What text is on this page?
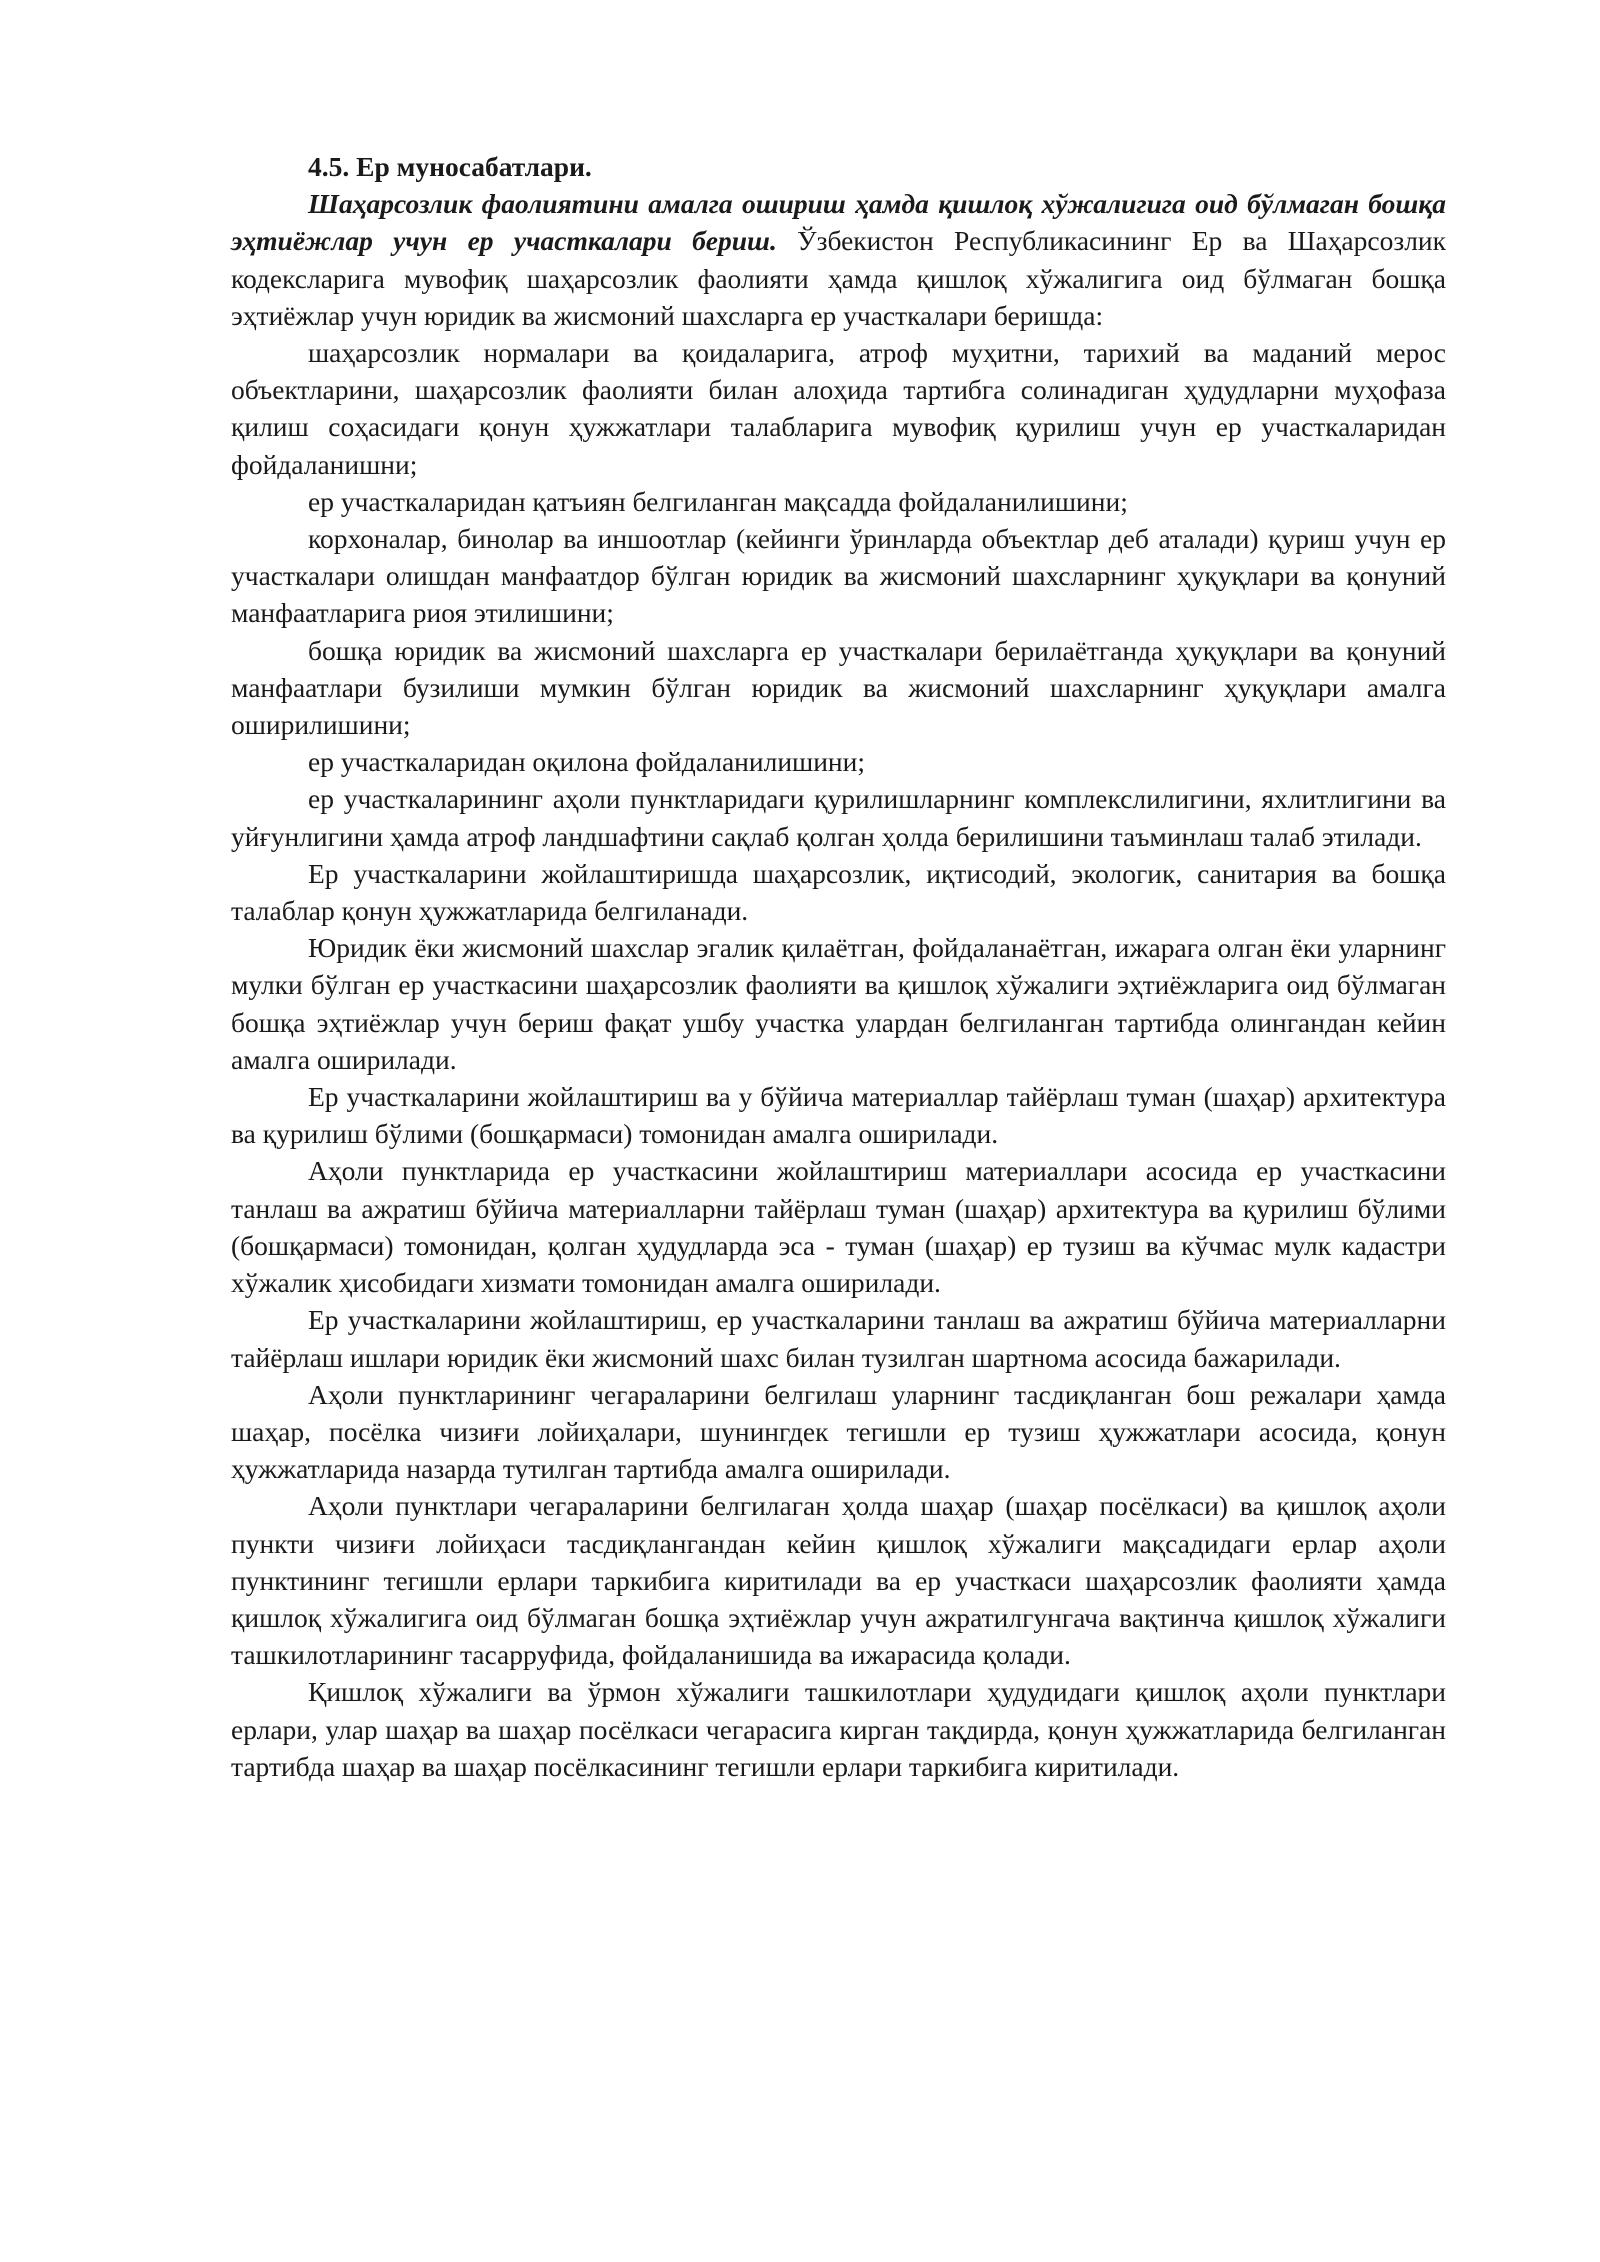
4.5. Ер муносабатлари.

Шаҳарсозлик фаолиятини амалга ошириш ҳамда қишлоқ хўжалигига оид бўлмаган бошқа эҳтиёжлар учун ер участкалари бериш. Ўзбекистон Республикасининг Ер ва Шаҳарсозлик кодексларига мувофиқ шаҳарсозлик фаолияти ҳамда қишлоқ хўжалигига оид бўлмаган бошқа эҳтиёжлар учун юридик ва жисмоний шахсларга ер участкалари беришда:

шаҳарсозлик нормалари ва қоидаларига, атроф муҳитни, тарихий ва маданий мерос объектларини, шаҳарсозлик фаолияти билан алоҳида тартибга солинадиган ҳудудларни муҳофаза қилиш соҳасидаги қонун ҳужжатлари талабларига мувофиқ қурилиш учун ер участкаларидан фойдаланишни;

ер участкаларидан қатъиян белгиланган мақсадда фойдаланилишини;

корхоналар, бинолар ва иншоотлар (кейинги ўринларда объектлар деб аталади) қуриш учун ер участкалари олишдан манфаатдор бўлган юридик ва жисмоний шахсларнинг ҳуқуқлари ва қонуний манфаатларига риоя этилишини;

бошқа юридик ва жисмоний шахсларга ер участкалари берилаётганда ҳуқуқлари ва қонуний манфаатлари бузилиши мумкин бўлган юридик ва жисмоний шахсларнинг ҳуқуқлари амалга оширилишини;

ер участкаларидан оқилона фойдаланилишини;

ер участкаларининг аҳоли пунктларидаги қурилишларнинг комплекслилигини, яхлитлигини ва уйғунлигини ҳамда атроф ландшафтини сақлаб қолган ҳолда берилишини таъминлаш талаб этилади.

Ер участкаларини жойлаштиришда шаҳарсозлик, иқтисодий, экологик, санитария ва бошқа талаблар қонун ҳужжатларида белгиланади.

Юридик ёки жисмоний шахслар эгалик қилаётган, фойдаланаётган, ижарага олган ёки уларнинг мулки бўлган ер участкасини шаҳарсозлик фаолияти ва қишлоқ хўжалиги эҳтиёжларига оид бўлмаган бошқа эҳтиёжлар учун бериш фақат ушбу участка улардан белгиланган тартибда олингандан кейин амалга оширилади.

Ер участкаларини жойлаштириш ва у бўйича материаллар тайёрлаш туман (шаҳар) архитектура ва қурилиш бўлими (бошқармаси) томонидан амалга оширилади.

Аҳоли пунктларида ер участкасини жойлаштириш материаллари асосида ер участкасини танлаш ва ажратиш бўйича материалларни тайёрлаш туман (шаҳар) архитектура ва қурилиш бўлими (бошқармаси) томонидан, қолган ҳудудларда эса - туман (шаҳар) ер тузиш ва кўчмас мулк кадастри хўжалик ҳисобидаги хизмати томонидан амалга оширилади.

Ер участкаларини жойлаштириш, ер участкаларини танлаш ва ажратиш бўйича материалларни тайёрлаш ишлари юридик ёки жисмоний шахс билан тузилган шартнома асосида бажарилади.

Аҳоли пунктларининг чегараларини белгилаш уларнинг тасдиқланган бош режалари ҳамда шаҳар, посёлка чизиғи лойиҳалари, шунингдек тегишли ер тузиш ҳужжатлари асосида, қонун ҳужжатларида назарда тутилган тартибда амалга оширилади.

Аҳоли пунктлари чегараларини белгилаган ҳолда шаҳар (шаҳар посёлкаси) ва қишлоқ аҳоли пункти чизиғи лойиҳаси тасдиқлангандан кейин қишлоқ хўжалиги мақсадидаги ерлар аҳоли пунктининг тегишли ерлари таркибига киритилади ва ер участкаси шаҳарсозлик фаолияти ҳамда қишлоқ хўжалигига оид бўлмаган бошқа эҳтиёжлар учун ажратилгунгача вақтинча қишлоқ хўжалиги ташкилотларининг тасарруфида, фойдаланишида ва ижарасида қолади.

Қишлоқ хўжалиги ва ўрмон хўжалиги ташкилотлари ҳудудидаги қишлоқ аҳоли пунктлари ерлари, улар шаҳар ва шаҳар посёлкаси чегарасига кирган тақдирда, қонун ҳужжатларида белгиланган тартибда шаҳар ва шаҳар посёлкасининг тегишли ерлари таркибига киритилади.
